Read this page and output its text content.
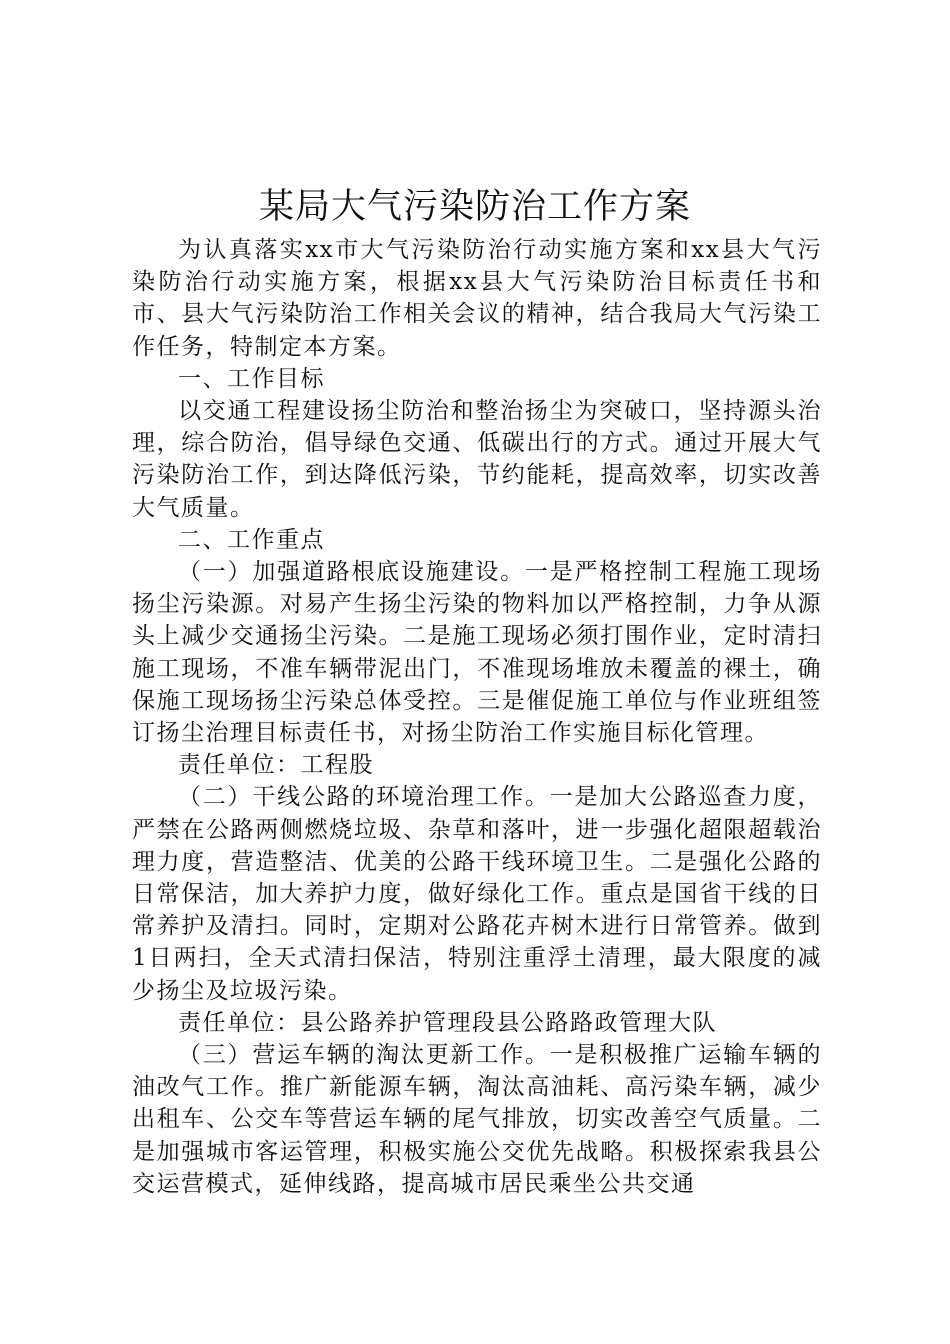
某局大气污染防治工作方案

为认真落实xx市大气污染防治行动实施方案和xx县大气污染防治行动实施方案，根据xx县大气污染防治目标责任书和市、县大气污染防治工作相关会议的精神，结合我局大气污染工作任务，特制定本方案。

一、工作目标

以交通工程建设扬尘防治和整治扬尘为突破口，坚持源头治理，综合防治，倡导绿色交通、低碳出行的方式。通过开展大气污染防治工作，到达降低污染，节约能耗，提高效率，切实改善大气质量。

二、工作重点

（一）加强道路根底设施建设。一是严格控制工程施工现场扬尘污染源。对易产生扬尘污染的物料加以严格控制，力争从源头上减少交通扬尘污染。二是施工现场必须打围作业，定时清扫施工现场，不准车辆带泥出门，不准现场堆放未覆盖的裸土，确保施工现场扬尘污染总体受控。三是催促施工单位与作业班组签订扬尘治理目标责任书，对扬尘防治工作实施目标化管理。

责任单位：工程股

（二）干线公路的环境治理工作。一是加大公路巡查力度，严禁在公路两侧燃烧垃圾、杂草和落叶，进一步强化超限超载治理力度，营造整洁、优美的公路干线环境卫生。二是强化公路的日常保洁，加大养护力度，做好绿化工作。重点是国省干线的日常养护及清扫。同时，定期对公路花卉树木进行日常管养。做到1日两扫，全天式清扫保洁，特别注重浮土清理，最大限度的减少扬尘及垃圾污染。

责任单位：县公路养护管理段县公路路政管理大队

（三）营运车辆的淘汰更新工作。一是积极推广运输车辆的油改气工作。推广新能源车辆，淘汰高油耗、高污染车辆，减少出租车、公交车等营运车辆的尾气排放，切实改善空气质量。二是加强城市客运管理，积极实施公交优先战略。积极探索我县公交运营模式，延伸线路，提高城市居民乘坐公共交通
